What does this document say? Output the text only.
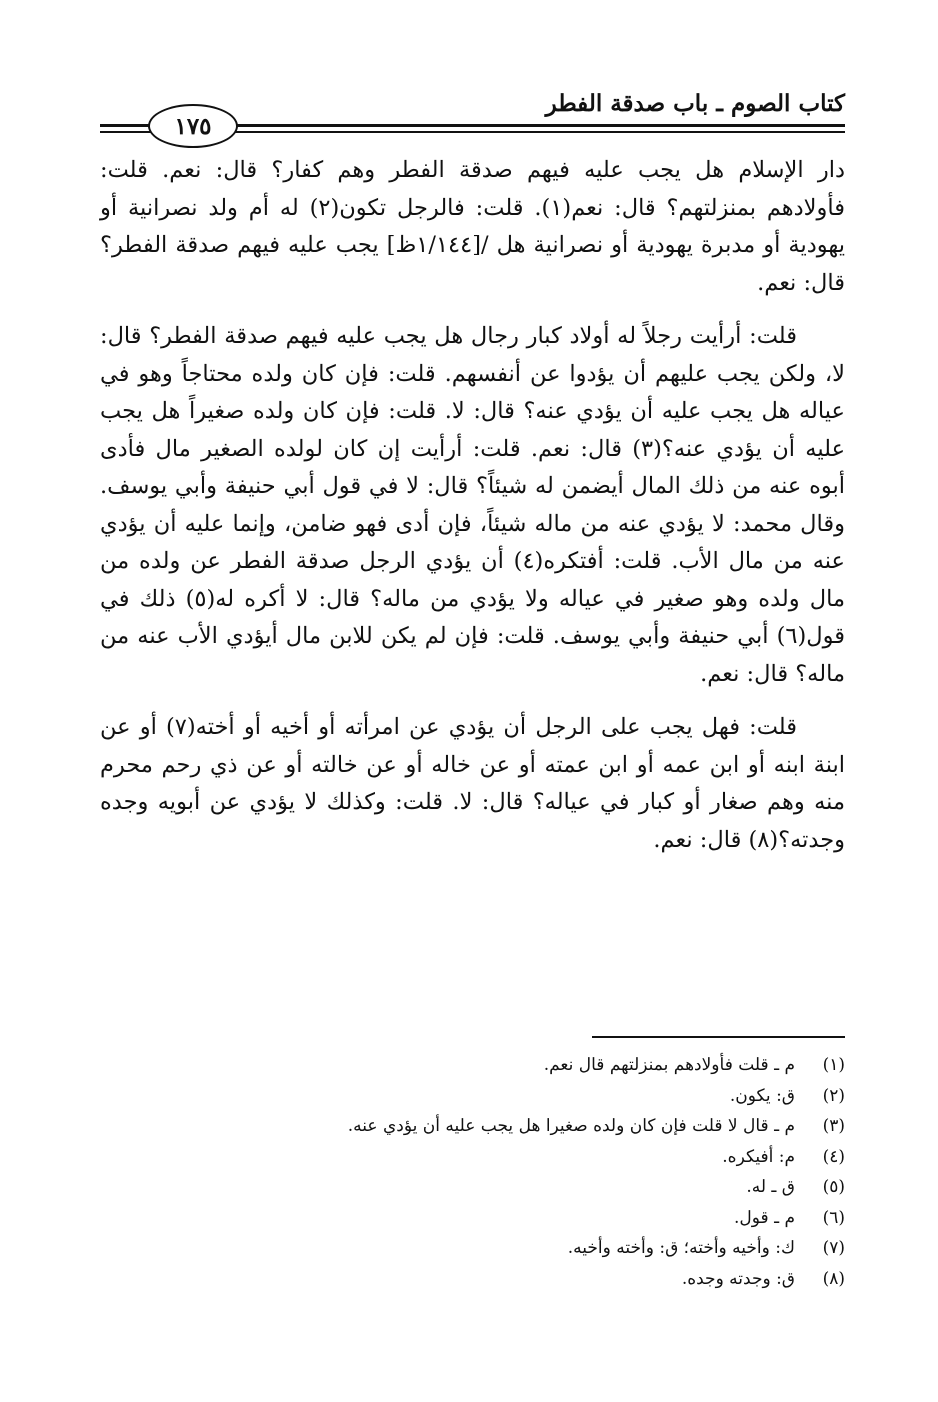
كتاب الصوم ـ باب صدقة الفطر
١٧٥

دار الإسلام هل يجب عليه فيهم صدقة الفطر وهم كفار؟ قال: نعم. قلت: فأولادهم بمنزلتهم؟ قال: نعم(١). قلت: فالرجل تكون(٢) له أم ولد نصرانية أو يهودية أو مدبرة يهودية أو نصرانية هل /[١/١٤٤ظ] يجب عليه فيهم صدقة الفطر؟ قال: نعم.

قلت: أرأيت رجلاً له أولاد كبار رجال هل يجب عليه فيهم صدقة الفطر؟ قال: لا، ولكن يجب عليهم أن يؤدوا عن أنفسهم. قلت: فإن كان ولده محتاجاً وهو في عياله هل يجب عليه أن يؤدي عنه؟ قال: لا. قلت: فإن كان ولده صغيراً هل يجب عليه أن يؤدي عنه؟(٣) قال: نعم. قلت: أرأيت إن كان لولده الصغير مال فأدى أبوه عنه من ذلك المال أيضمن له شيئاً؟ قال: لا في قول أبي حنيفة وأبي يوسف. وقال محمد: لا يؤدي عنه من ماله شيئاً، فإن أدى فهو ضامن، وإنما عليه أن يؤدي عنه من مال الأب. قلت: أفتكره(٤) أن يؤدي الرجل صدقة الفطر عن ولده من مال ولده وهو صغير في عياله ولا يؤدي من ماله؟ قال: لا أكره له(٥) ذلك في قول(٦) أبي حنيفة وأبي يوسف. قلت: فإن لم يكن للابن مال أيؤدي الأب عنه من ماله؟ قال: نعم.

قلت: فهل يجب على الرجل أن يؤدي عن امرأته أو أخيه أو أخته(٧) أو عن ابنة ابنه أو ابن عمه أو ابن عمته أو عن خاله أو عن خالته أو عن ذي رحم محرم منه وهم صغار أو كبار في عياله؟ قال: لا. قلت: وكذلك لا يؤدي عن أبويه وجده وجدته؟(٨) قال: نعم.

(١)
م ـ قلت فأولادهم بمنزلتهم قال نعم.
(٢)
ق: يكون.
(٣)
م ـ قال لا قلت فإن كان ولده صغيرا هل يجب عليه أن يؤدي عنه.
(٤)
م: أفيكره.
(٥)
ق ـ له.
(٦)
م ـ قول.
(٧)
ك: وأخيه وأخته؛ ق: وأخته وأخيه.
(٨)
ق: وجدته وجده.
